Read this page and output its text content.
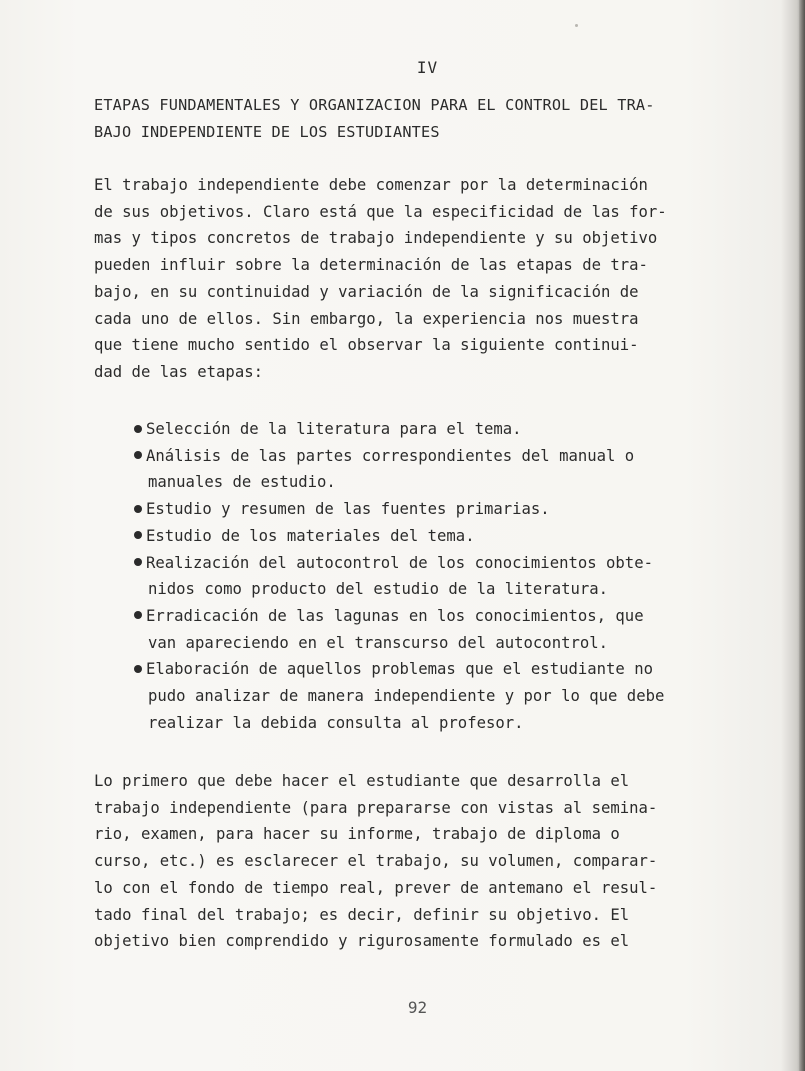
IV
ETAPAS FUNDAMENTALES Y ORGANIZACION PARA EL CONTROL DEL TRA-
BAJO INDEPENDIENTE DE LOS ESTUDIANTES
El trabajo independiente debe comenzar por la determinación
de sus objetivos. Claro está que la especificidad de las for-
mas y tipos concretos de trabajo independiente y su objetivo
pueden influir sobre la determinación de las etapas de tra-
bajo, en su continuidad y variación de la significación de
cada uno de ellos. Sin embargo, la experiencia nos muestra
que tiene mucho sentido el observar la siguiente continui-
dad de las etapas:
Selección de la literatura para el tema.
Análisis de las partes correspondientes del manual o
manuales de estudio.
Estudio y resumen de las fuentes primarias.
Estudio de los materiales del tema.
Realización del autocontrol de los conocimientos obte-
nidos como producto del estudio de la literatura.
Erradicación de las lagunas en los conocimientos, que
van apareciendo en el transcurso del autocontrol.
Elaboración de aquellos problemas que el estudiante no
pudo analizar de manera independiente y por lo que debe
realizar la debida consulta al profesor.
Lo primero que debe hacer el estudiante que desarrolla el
trabajo independiente (para prepararse con vistas al semina-
rio, examen, para hacer su informe, trabajo de diploma o
curso, etc.) es esclarecer el trabajo, su volumen, comparar-
lo con el fondo de tiempo real, prever de antemano el resul-
tado final del trabajo; es decir, definir su objetivo. El
objetivo bien comprendido y rigurosamente formulado es el
92
